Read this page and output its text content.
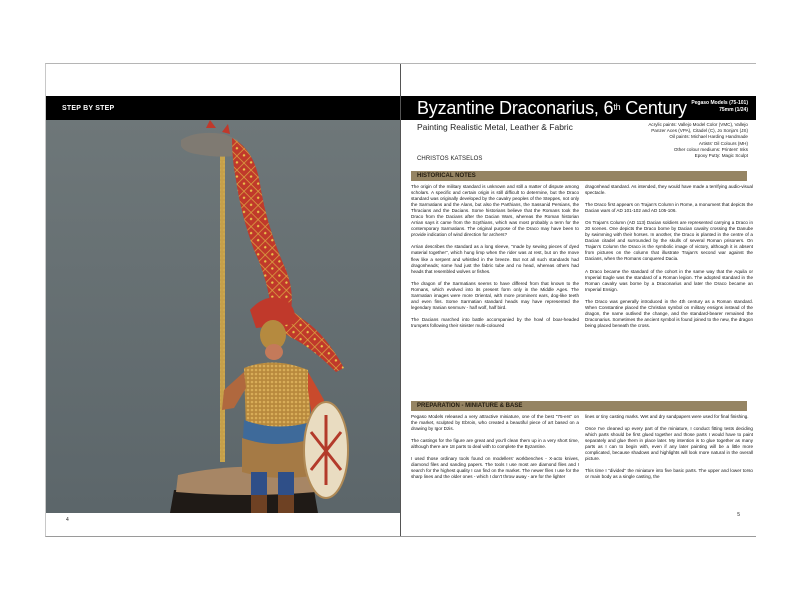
STEP BY STEP
4
Byzantine Draconarius, 6th Century Pegaso Models (75-101)
75mm (1/24)
Painting Realistic Metal, Leather & Fabric	Acrylic paints: Vallejo Model Color (VMC), Vallejo
Panzer Aces (VPA), Citadel (C), Jo Sonja's (JS)
Oil paints: Michael Harding Handmade
Artists' Oil Colours (MH)
Other colour mediums: Printers' Inks
Epoxy Putty: Magic Sculpt
CHRISTOS KATSELOS
HISTORICAL NOTES

The origin of the military standard is unknown and still a matter of dispute among scholars. A specific and certain origin is still difficult to determine, but the Draco standard was originally developed by the cavalry peoples of the Steppes, not only the Sarmatians and the Alans, but also the Parthians, the Sassanid Persians, the Thracians and the Dacians. Some historians believe that the Romans took the Draco from the Dacians after the Dacian Wars, whereas the Roman historian Arrian says it came from the Scythians, which was most probably a term for the contemporary Sarmatians. The original purpose of the Draco may have been to provide indication of wind direction for archers?

Arrian describes the standard as a long sleeve, "made by sewing pieces of dyed material together", which hung limp when the rider was at rest, but on the move flew like a serpent and whistled in the breeze. But not all such standards had dragonheads; some had just the fabric tube and no head, whereas others had heads that resembled wolves or fishes.

The dragon of the Sarmatians seems to have differed from that known to the Romans, which evolved into its present form only in the Middle Ages. The Sarmatian images were more Oriental, with more prominent ears, dog-like teeth and even fins. Some Sarmatian standard heads may have represented the legendary Iranian senmurv - half wolf, half bird.

The Dacians marched into battle accompanied by the howl of boar-headed trumpets following their sinister multi-coloured

dragonhead standard. As intended, they would have made a terrifying audio-visual spectacle.

The Draco first appears on Trajan's Column in Rome, a monument that depicts the Dacian wars of AD 101-102 and AD 105-106.

On Trajan's Column (AD 113) Dacian soldiers are represented carrying a Draco in 20 scenes. One depicts the Draco borne by Dacian cavalry crossing the Danube by swimming with their horses. In another, the Draco is planted in the centre of a Dacian citadel and surrounded by the skulls of several Roman prisoners. On Trajan's Column the Draco is the symbolic image of victory, although it is absent from pictures on the column that illustrate Trajan's second war against the Dacians, when the Romans conquered Dacia.

A Draco became the standard of the cohort in the same way that the Aquila or Imperial Eagle was the standard of a Roman legion. The adopted standard in the Roman cavalry was borne by a Draconarius and later the Draco became an Imperial Ensign.

The Draco was generally introduced in the 4th century as a Roman standard. When Constantine placed the Christian symbol on military ensigns instead of the dragon, the name outlived the change, and the standard-bearer remained the Draconarius. Sometimes the ancient symbol is found joined to the new, the dragon being placed beneath the cross.

PREPARATION - MINIATURE & BASE

Pegaso Models released a very attractive miniature, one of the best "75-ers" on the market, sculpted by Ebroin, who created a beautiful piece of art based on a drawing by Igor Dzis.

The castings for the figure are great and you'll clean them up in a very short time, although there are 18 parts to deal with to complete the Byzantine.

I used those ordinary tools found on modellers' workbenches - X-acto knives, diamond files and sanding papers. The tools I use most are diamond files and I search for the highest quality I can find on the market. The newer files I use for the sharp lines and the older ones - which I don't throw away - are for the lighter

lines or tiny casting marks. Wet and dry sandpapers were used for final finishing.

Once I've cleaned up every part of the miniature, I conduct fitting tests deciding which parts should be first glued together and those parts I would have to paint separately and glue them in place later. My intention is to glue together as many parts as I can to begin with, even if any later painting will be a little more complicated, because shadows and highlights will look more natural in the overall picture.

This time I "divided" the miniature into five basic parts. The upper and lower torso or main body as a single casting, the

5
